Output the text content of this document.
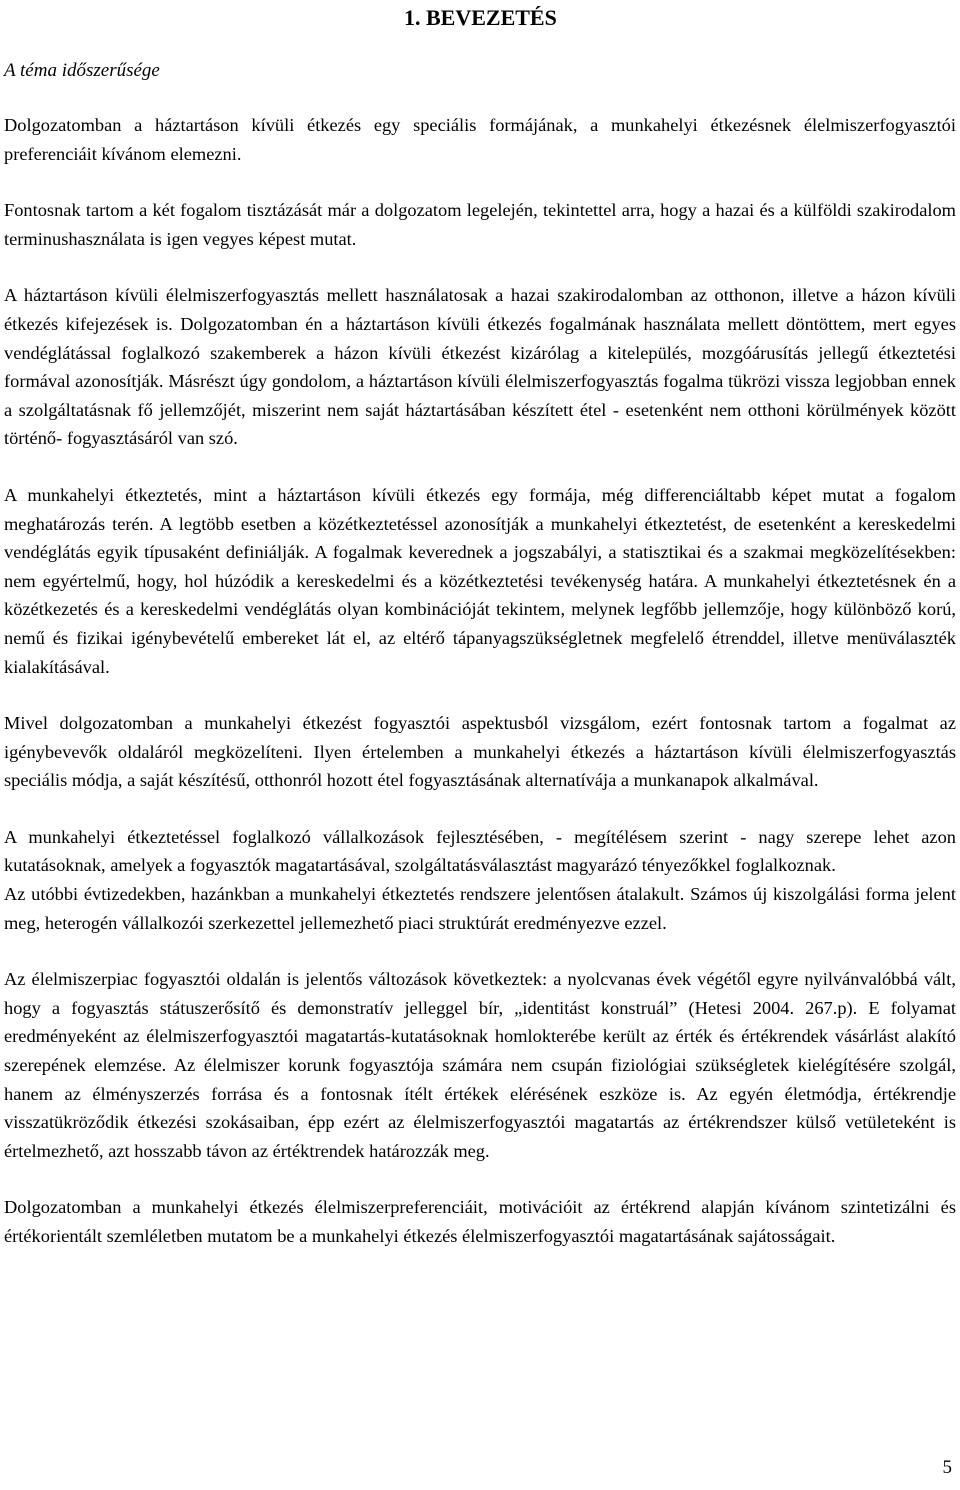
1. BEVEZETÉS
A téma időszerűsége

Dolgozatomban a háztartáson kívüli étkezés egy speciális formájának, a munkahelyi étkezésnek élelmiszerfogyasztói preferenciáit kívánom elemezni.

Fontosnak tartom a két fogalom tisztázását már a dolgozatom legelején, tekintettel arra, hogy a hazai és a külföldi szakirodalom terminushasználata is igen vegyes képest mutat.

A háztartáson kívüli élelmiszerfogyasztás mellett használatosak a hazai szakirodalomban az otthonon, illetve a házon kívüli étkezés kifejezések is. Dolgozatomban én a háztartáson kívüli étkezés fogalmának használata mellett döntöttem, mert egyes vendéglátással foglalkozó szakemberek a házon kívüli étkezést kizárólag a kitelepülés, mozgóárusítás jellegű étkeztetési formával azonosítják. Másrészt úgy gondolom, a háztartáson kívüli élelmiszerfogyasztás fogalma tükrözi vissza legjobban ennek a szolgáltatásnak fő jellemzőjét, miszerint nem saját háztartásában készített étel - esetenként nem otthoni körülmények között történő- fogyasztásáról van szó.

A munkahelyi étkeztetés, mint a háztartáson kívüli étkezés egy formája, még differenciáltabb képet mutat a fogalom meghatározás terén. A legtöbb esetben a közétkeztetéssel azonosítják a munkahelyi étkeztetést, de esetenként a kereskedelmi vendéglátás egyik típusaként definiálják. A fogalmak keverednek a jogszabályi, a statisztikai és a szakmai megközelítésekben: nem egyértelmű, hogy, hol húzódik a kereskedelmi és a közétkeztetési tevékenység határa. A munkahelyi étkeztetésnek én a közétkezetés és a kereskedelmi vendéglátás olyan kombinációját tekintem, melynek legfőbb jellemzője, hogy különböző korú, nemű és fizikai igénybevételű embereket lát el, az eltérő tápanyagszükségletnek megfelelő étrenddel, illetve menüválaszték kialakításával.

Mivel dolgozatomban a munkahelyi étkezést fogyasztói aspektusból vizsgálom, ezért fontosnak tartom a fogalmat az igénybevevők oldaláról megközelíteni. Ilyen értelemben a munkahelyi étkezés a háztartáson kívüli élelmiszerfogyasztás speciális módja, a saját készítésű, otthonról hozott étel fogyasztásának alternatívája a munkanapok alkalmával.

A munkahelyi étkeztetéssel foglalkozó vállalkozások fejlesztésében, - megítélésem szerint - nagy szerepe lehet azon kutatásoknak, amelyek a fogyasztók magatartásával, szolgáltatásválasztást magyarázó tényezőkkel foglalkoznak.

Az utóbbi évtizedekben, hazánkban a munkahelyi étkeztetés rendszere jelentősen átalakult. Számos új kiszolgálási forma jelent meg, heterogén vállalkozói szerkezettel jellemezhető piaci struktúrát eredményezve ezzel.

Az élelmiszerpiac fogyasztói oldalán is jelentős változások következtek: a nyolcvanas évek végétől egyre nyilvánvalóbbá vált, hogy a fogyasztás státuszerősítő és demonstratív jelleggel bír, „identitást konstruál” (Hetesi 2004. 267.p). E folyamat eredményeként az élelmiszerfogyasztói magatartás-kutatásoknak homlokterébe került az érték és értékrendek vásárlást alakító szerepének elemzése. Az élelmiszer korunk fogyasztója számára nem csupán fiziológiai szükségletek kielégítésére szolgál, hanem az élményszerzés forrása és a fontosnak ítélt értékek elérésének eszköze is. Az egyén életmódja, értékrendje visszatükröződik étkezési szokásaiban, épp ezért az élelmiszerfogyasztói magatartás az értékrendszer külső vetületeként is értelmezhető, azt hosszabb távon az értéktrendek határozzák meg.

Dolgozatomban a munkahelyi étkezés élelmiszerpreferenciáit, motivációit az értékrend alapján kívánom szintetizálni és értékorientált szemléletben mutatom be a munkahelyi étkezés élelmiszerfogyasztói magatartásának sajátosságait.

5
